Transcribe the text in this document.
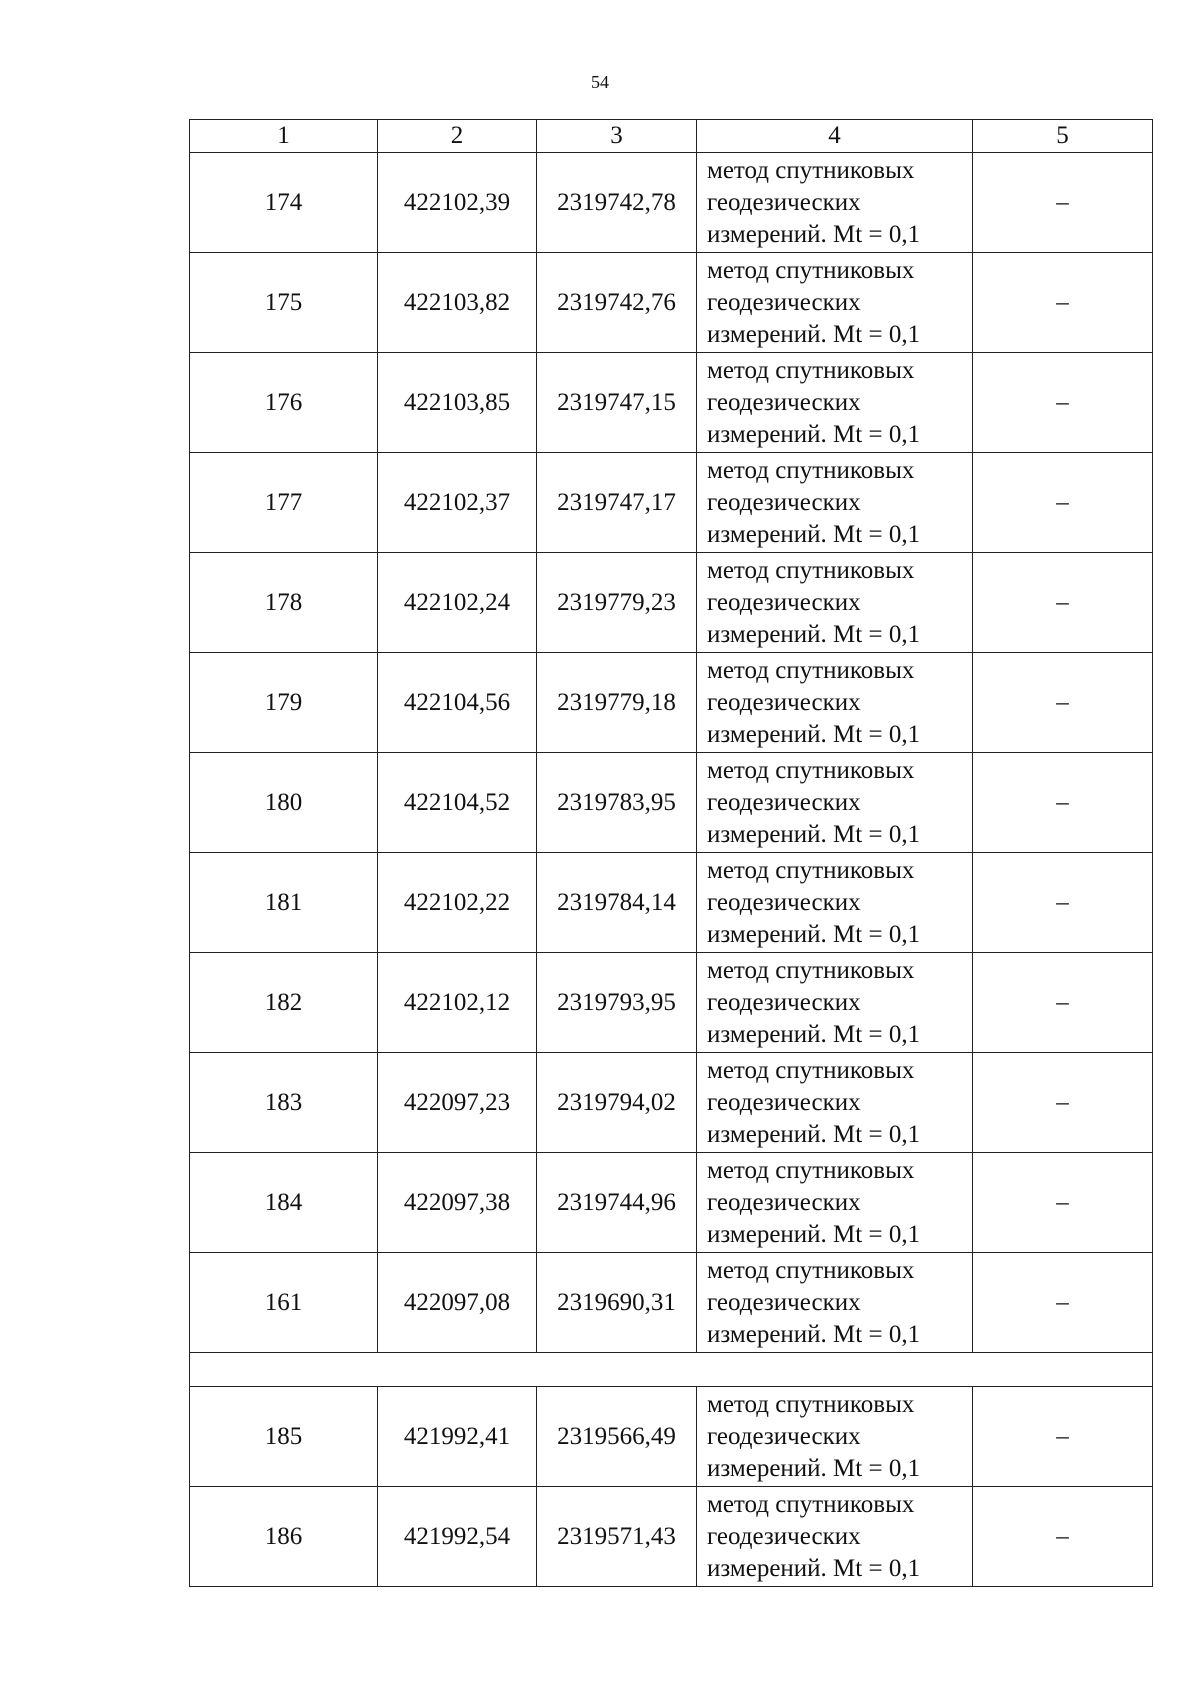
54
1	2	3	4	5
174	422102,39	2319742,78	метод спутниковых
геодезических
измерений. Mt = 0,1	–
175	422103,82	2319742,76	метод спутниковых
геодезических
измерений. Mt = 0,1	–
176	422103,85	2319747,15	метод спутниковых
геодезических
измерений. Mt = 0,1	–
177	422102,37	2319747,17	метод спутниковых
геодезических
измерений. Mt = 0,1	–
178	422102,24	2319779,23	метод спутниковых
геодезических
измерений. Mt = 0,1	–
179	422104,56	2319779,18	метод спутниковых
геодезических
измерений. Mt = 0,1	–
180	422104,52	2319783,95	метод спутниковых
геодезических
измерений. Mt = 0,1	–
181	422102,22	2319784,14	метод спутниковых
геодезических
измерений. Mt = 0,1	–
182	422102,12	2319793,95	метод спутниковых
геодезических
измерений. Mt = 0,1	–
183	422097,23	2319794,02	метод спутниковых
геодезических
измерений. Mt = 0,1	–
184	422097,38	2319744,96	метод спутниковых
геодезических
измерений. Mt = 0,1	–
161	422097,08	2319690,31	метод спутниковых
геодезических
измерений. Mt = 0,1	–

185	421992,41	2319566,49	метод спутниковых
геодезических
измерений. Mt = 0,1	–
186	421992,54	2319571,43	метод спутниковых
геодезических
измерений. Mt = 0,1	–
